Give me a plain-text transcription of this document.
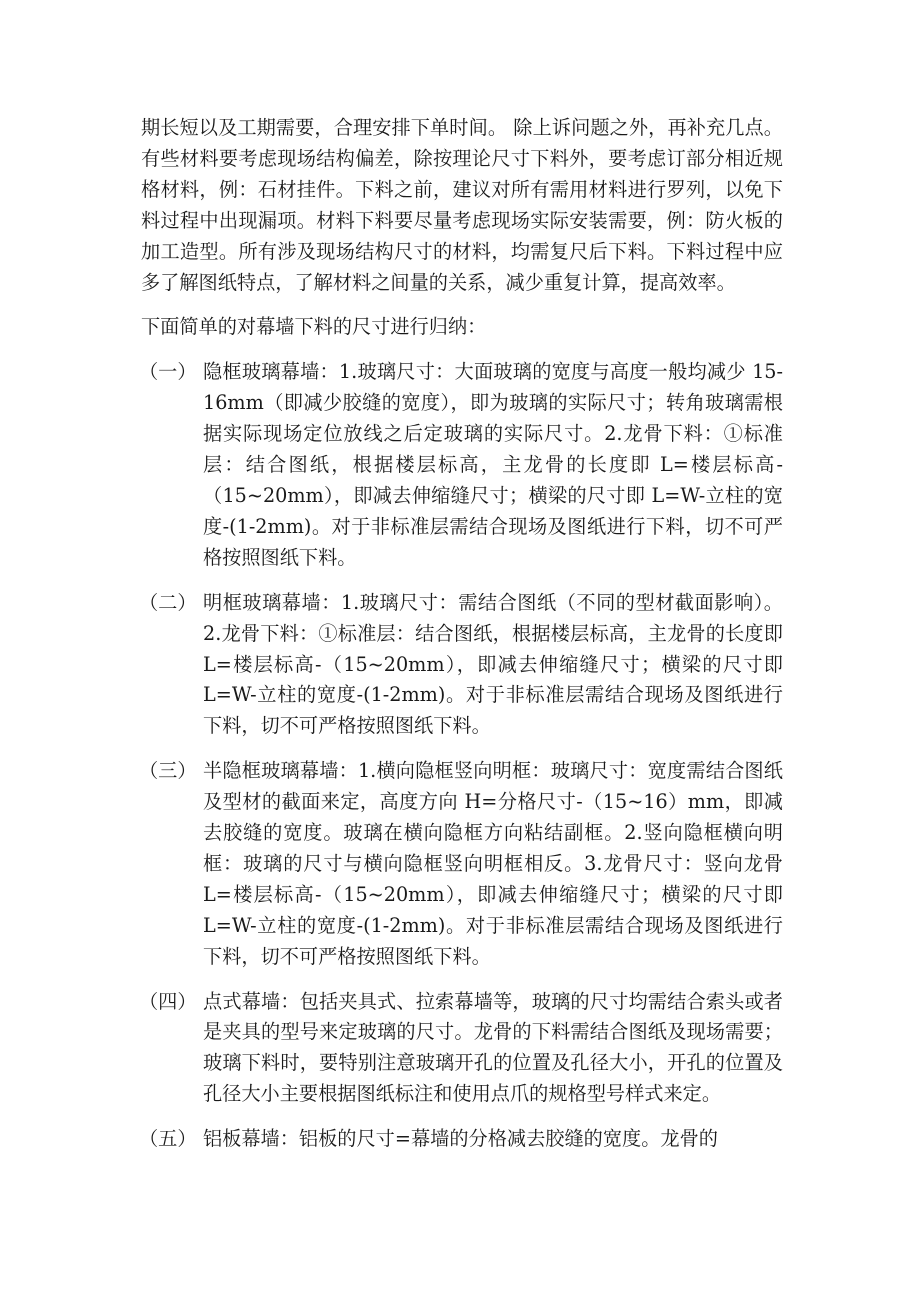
期长短以及工期需要，合理安排下单时间。 除上诉问题之外，再补充几点。有些材料要考虑现场结构偏差，除按理论尺寸下料外，要考虑订部分相近规格材料，例：石材挂件。下料之前，建议对所有需用材料进行罗列，以免下料过程中出现漏项。材料下料要尽量考虑现场实际安装需要，例：防火板的加工造型。所有涉及现场结构尺寸的材料，均需复尺后下料。下料过程中应多了解图纸特点，了解材料之间量的关系，减少重复计算，提高效率。

下面简单的对幕墙下料的尺寸进行归纳：

（一） 隐框玻璃幕墙：1.玻璃尺寸：大面玻璃的宽度与高度一般均减少 15-16mm（即减少胶缝的宽度），即为玻璃的实际尺寸；转角玻璃需根据实际现场定位放线之后定玻璃的实际尺寸。2.龙骨下料：①标准层：结合图纸，根据楼层标高，主龙骨的长度即 L=楼层标高-（15~20mm），即减去伸缩缝尺寸；横梁的尺寸即 L=W-立柱的宽度-(1-2mm)。对于非标准层需结合现场及图纸进行下料，切不可严格按照图纸下料。
（二） 明框玻璃幕墙：1.玻璃尺寸：需结合图纸（不同的型材截面影响）。2.龙骨下料：①标准层：结合图纸，根据楼层标高，主龙骨的长度即 L=楼层标高-（15~20mm），即减去伸缩缝尺寸；横梁的尺寸即 L=W-立柱的宽度-(1-2mm)。对于非标准层需结合现场及图纸进行下料，切不可严格按照图纸下料。
（三） 半隐框玻璃幕墙：1.横向隐框竖向明框：玻璃尺寸：宽度需结合图纸及型材的截面来定，高度方向 H=分格尺寸-（15~16）mm，即减去胶缝的宽度。玻璃在横向隐框方向粘结副框。2.竖向隐框横向明框：玻璃的尺寸与横向隐框竖向明框相反。3.龙骨尺寸：竖向龙骨 L=楼层标高-（15~20mm），即减去伸缩缝尺寸；横梁的尺寸即 L=W-立柱的宽度-(1-2mm)。对于非标准层需结合现场及图纸进行下料，切不可严格按照图纸下料。
（四） 点式幕墙：包括夹具式、拉索幕墙等，玻璃的尺寸均需结合索头或者是夹具的型号来定玻璃的尺寸。龙骨的下料需结合图纸及现场需要；玻璃下料时，要特别注意玻璃开孔的位置及孔径大小，开孔的位置及孔径大小主要根据图纸标注和使用点爪的规格型号样式来定。
（五） 铝板幕墙：铝板的尺寸=幕墙的分格减去胶缝的宽度。龙骨的
